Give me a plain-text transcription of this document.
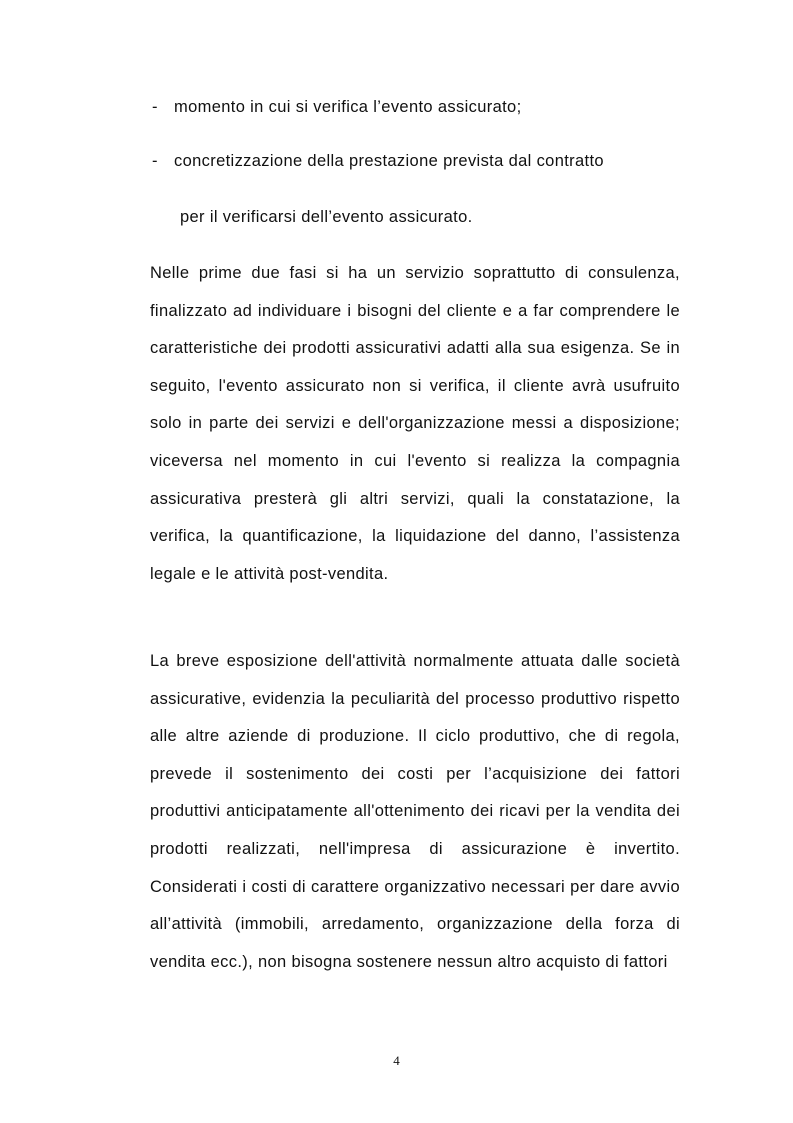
- momento in cui si verifica l’evento assicurato;
- concretizzazione della prestazione prevista dal contratto
per il verificarsi dell’evento assicurato.

Nelle prime due fasi si ha un servizio soprattutto di consulenza, finalizzato ad individuare i bisogni del cliente e a far comprendere le caratteristiche dei prodotti assicurativi adatti alla sua esigenza. Se in seguito, l'evento assicurato non si verifica, il cliente avrà usufruito solo in parte dei servizi e dell'organizzazione messi a disposizione; viceversa nel momento in cui l'evento si realizza la compagnia assicurativa presterà gli altri servizi, quali la constatazione, la verifica, la quantificazione, la liquidazione del danno, l’assistenza legale e le attività post-vendita.

La breve esposizione dell'attività normalmente attuata dalle società assicurative, evidenzia la peculiarità del processo produttivo rispetto alle altre aziende di produzione. Il ciclo produttivo, che di regola, prevede il sostenimento dei costi per l’acquisizione dei fattori produttivi anticipatamente all'ottenimento dei ricavi per la vendita dei prodotti realizzati, nell'impresa di assicurazione è invertito. Considerati i costi di carattere organizzativo necessari per dare avvio all’attività (immobili, arredamento, organizzazione della forza di vendita ecc.), non bisogna sostenere nessun altro acquisto di fattori

4
